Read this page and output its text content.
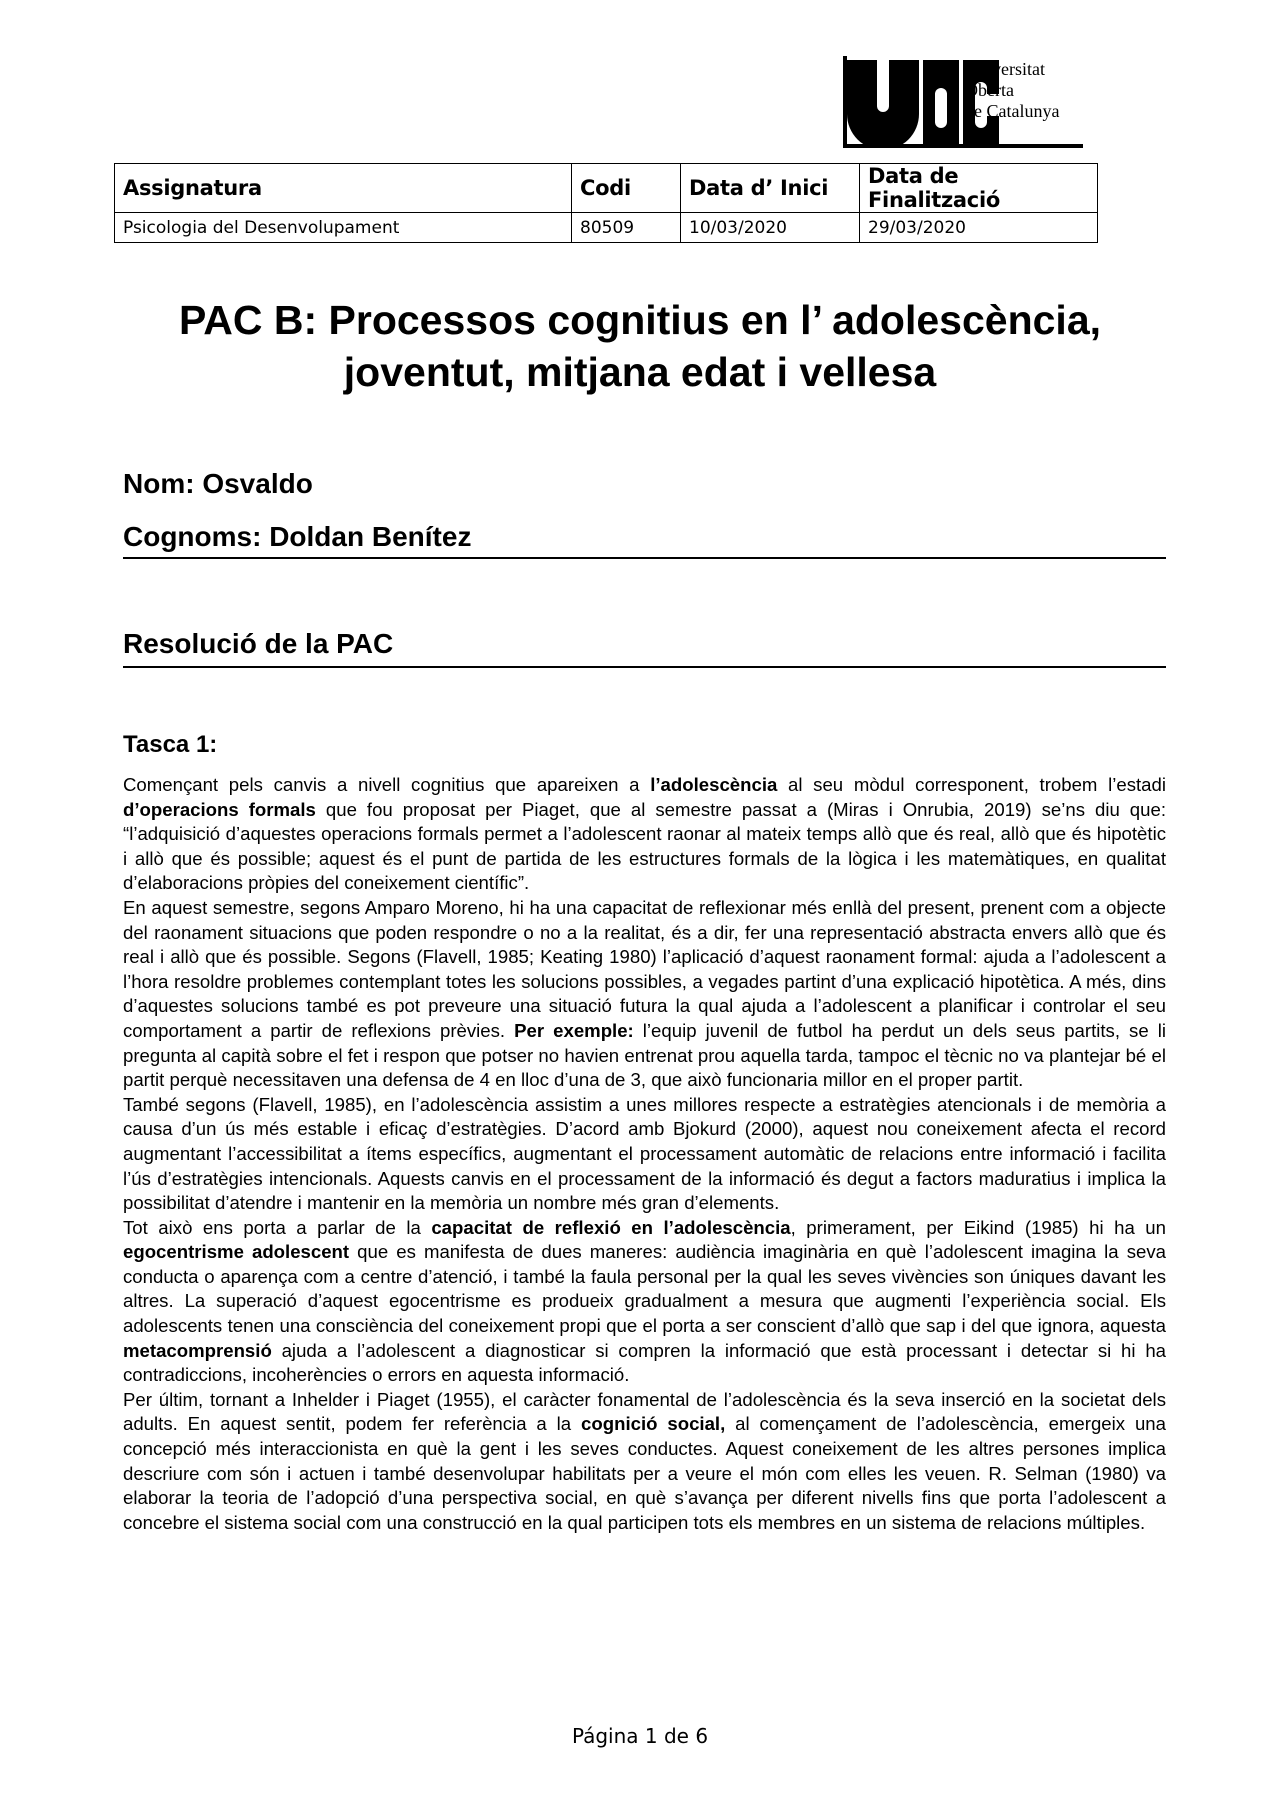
Universitat
Oberta
de Catalunya
Assignatura	Codi	Data d’ Inici	Data de Finalització
Psicologia del Desenvolupament	80509	10/03/2020	29/03/2020
PAC B: Processos cognitius en l’ adolescència, joventut, mitjana edat i vellesa
Nom: Osvaldo
Cognoms: Doldan Benítez
Resolució de la PAC
Tasca 1:

Començant pels canvis a nivell cognitius que apareixen a l’adolescència al seu mòdul corresponent, trobem l’estadi d’operacions formals que fou proposat per Piaget, que al semestre passat a (Miras i Onrubia, 2019) se’ns diu que: “l’adquisició d’aquestes operacions formals permet a l’adolescent raonar al mateix temps allò que és real, allò que és hipotètic i allò que és possible; aquest és el punt de partida de les estructures formals de la lògica i les matemàtiques, en qualitat d’elaboracions pròpies del coneixement científic”.

En aquest semestre, segons Amparo Moreno, hi ha una capacitat de reflexionar més enllà del present, prenent com a objecte del raonament situacions que poden respondre o no a la realitat, és a dir, fer una representació abstracta envers allò que és real i allò que és possible. Segons (Flavell, 1985; Keating 1980) l’aplicació d’aquest raonament formal: ajuda a l’adolescent a l’hora resoldre problemes contemplant totes les solucions possibles, a vegades partint d’una explicació hipotètica. A més, dins d’aquestes solucions també es pot preveure una situació futura la qual ajuda a l’adolescent a planificar i controlar el seu comportament a partir de reflexions prèvies. Per exemple: l’equip juvenil de futbol ha perdut un dels seus partits, se li pregunta al capità sobre el fet i respon que potser no havien entrenat prou aquella tarda, tampoc el tècnic no va plantejar bé el partit perquè necessitaven una defensa de 4 en lloc d’una de 3, que això funcionaria millor en el proper partit.

També segons (Flavell, 1985), en l’adolescència assistim a unes millores respecte a estratègies atencionals i de memòria a causa d’un ús més estable i eficaç d’estratègies. D’acord amb Bjokurd (2000), aquest nou coneixement afecta el record augmentant l’accessibilitat a ítems específics, augmentant el processament automàtic de relacions entre informació i facilita l’ús d’estratègies intencionals. Aquests canvis en el processament de la informació és degut a factors maduratius i implica la possibilitat d’atendre i mantenir en la memòria un nombre més gran d’elements.

Tot això ens porta a parlar de la capacitat de reflexió en l’adolescència, primerament, per Eikind (1985) hi ha un egocentrisme adolescent que es manifesta de dues maneres: audiència imaginària en què l’adolescent imagina la seva conducta o aparença com a centre d’atenció, i també la faula personal per la qual les seves vivències son úniques davant les altres. La superació d’aquest egocentrisme es produeix gradualment a mesura que augmenti l’experiència social. Els adolescents tenen una consciència del coneixement propi que el porta a ser conscient d’allò que sap i del que ignora, aquesta metacomprensió ajuda a l’adolescent a diagnosticar si compren la informació que està processant i detectar si hi ha contradiccions, incoherències o errors en aquesta informació.

Per últim, tornant a Inhelder i Piaget (1955), el caràcter fonamental de l’adolescència és la seva inserció en la societat dels adults. En aquest sentit, podem fer referència a la cognició social, al començament de l’adolescència, emergeix una concepció més interaccionista en què la gent i les seves conductes. Aquest coneixement de les altres persones implica descriure com són i actuen i també desenvolupar habilitats per a veure el món com elles les veuen. R. Selman (1980) va elaborar la teoria de l’adopció d’una perspectiva social, en què s’avança per diferent nivells fins que porta l’adolescent a concebre el sistema social com una construcció en la qual participen tots els membres en un sistema de relacions múltiples.

Página 1 de 6
